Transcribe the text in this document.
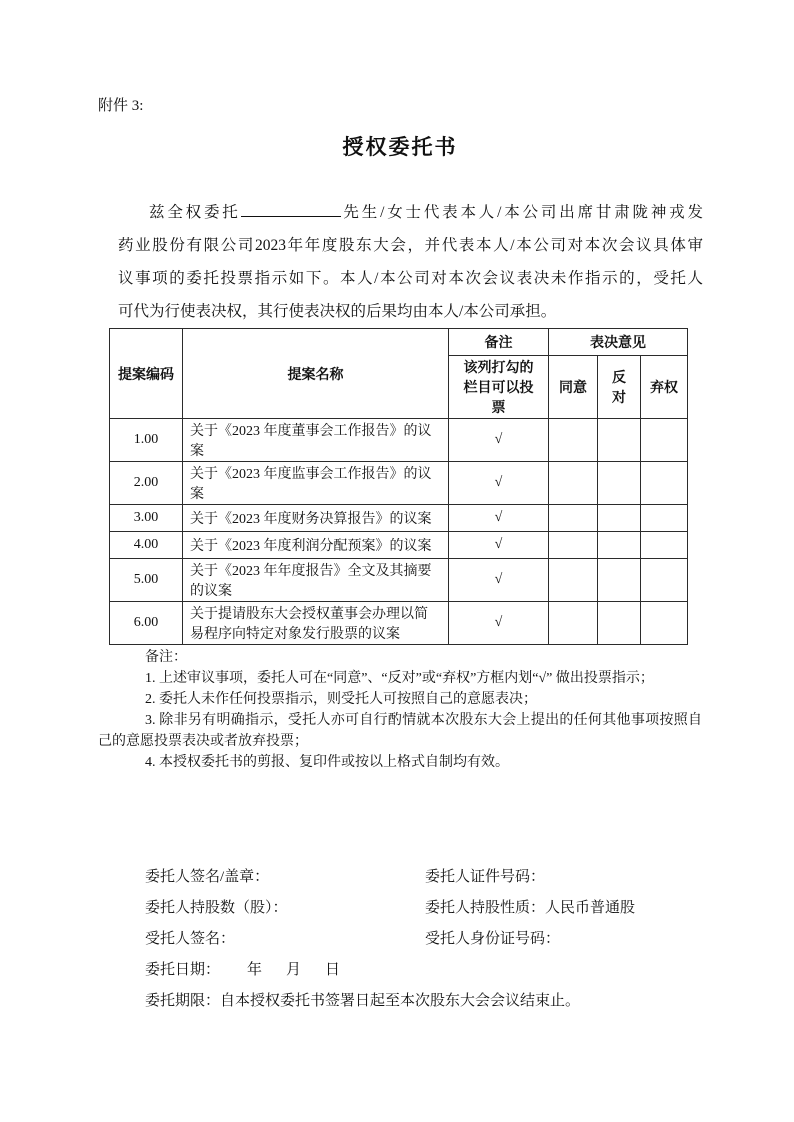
附件 3:
授权委托书
兹全权委托	先生/女士代表本人/本公司出席甘肃陇神戎发
药业股份有限公司2023年年度股东大会，并代表本人/本公司对本次会议具体审
议事项的委托投票指示如下。本人/本公司对本次会议表决未作指示的，受托人
可代为行使表决权，其行使表决权的后果均由本人/本公司承担。
提案编码	提案名称	备注	表决意见		
		该列打勾的栏目可以投票	同意	反对	弃权
1.00	关于《2023 年度董事会工作报告》的议案	√			
2.00	关于《2023 年度监事会工作报告》的议案	√			
3.00	关于《2023 年度财务决算报告》的议案	√			
4.00	关于《2023 年度利润分配预案》的议案	√			
5.00	关于《2023 年年度报告》全文及其摘要的议案	√			
6.00	关于提请股东大会授权董事会办理以简易程序向特定对象发行股票的议案	√			

备注：

1. 上述审议事项，委托人可在“同意”、“反对”或“弃权”方框内划“√” 做出投票指示；

2. 委托人未作任何投票指示，则受托人可按照自己的意愿表决；

3. 除非另有明确指示，受托人亦可自行酌情就本次股东大会上提出的任何其他事项按照自己的意愿投票表决或者放弃投票；

4. 本授权委托书的剪报、复印件或按以上格式自制均有效。

委托人签名/盖章：	委托人证件号码：
委托人持股数（股）：	委托人持股性质：人民币普通股
受托人签名：	受托人身份证号码：
委托日期： 年 月 日
委托期限：自本授权委托书签署日起至本次股东大会会议结束止。
